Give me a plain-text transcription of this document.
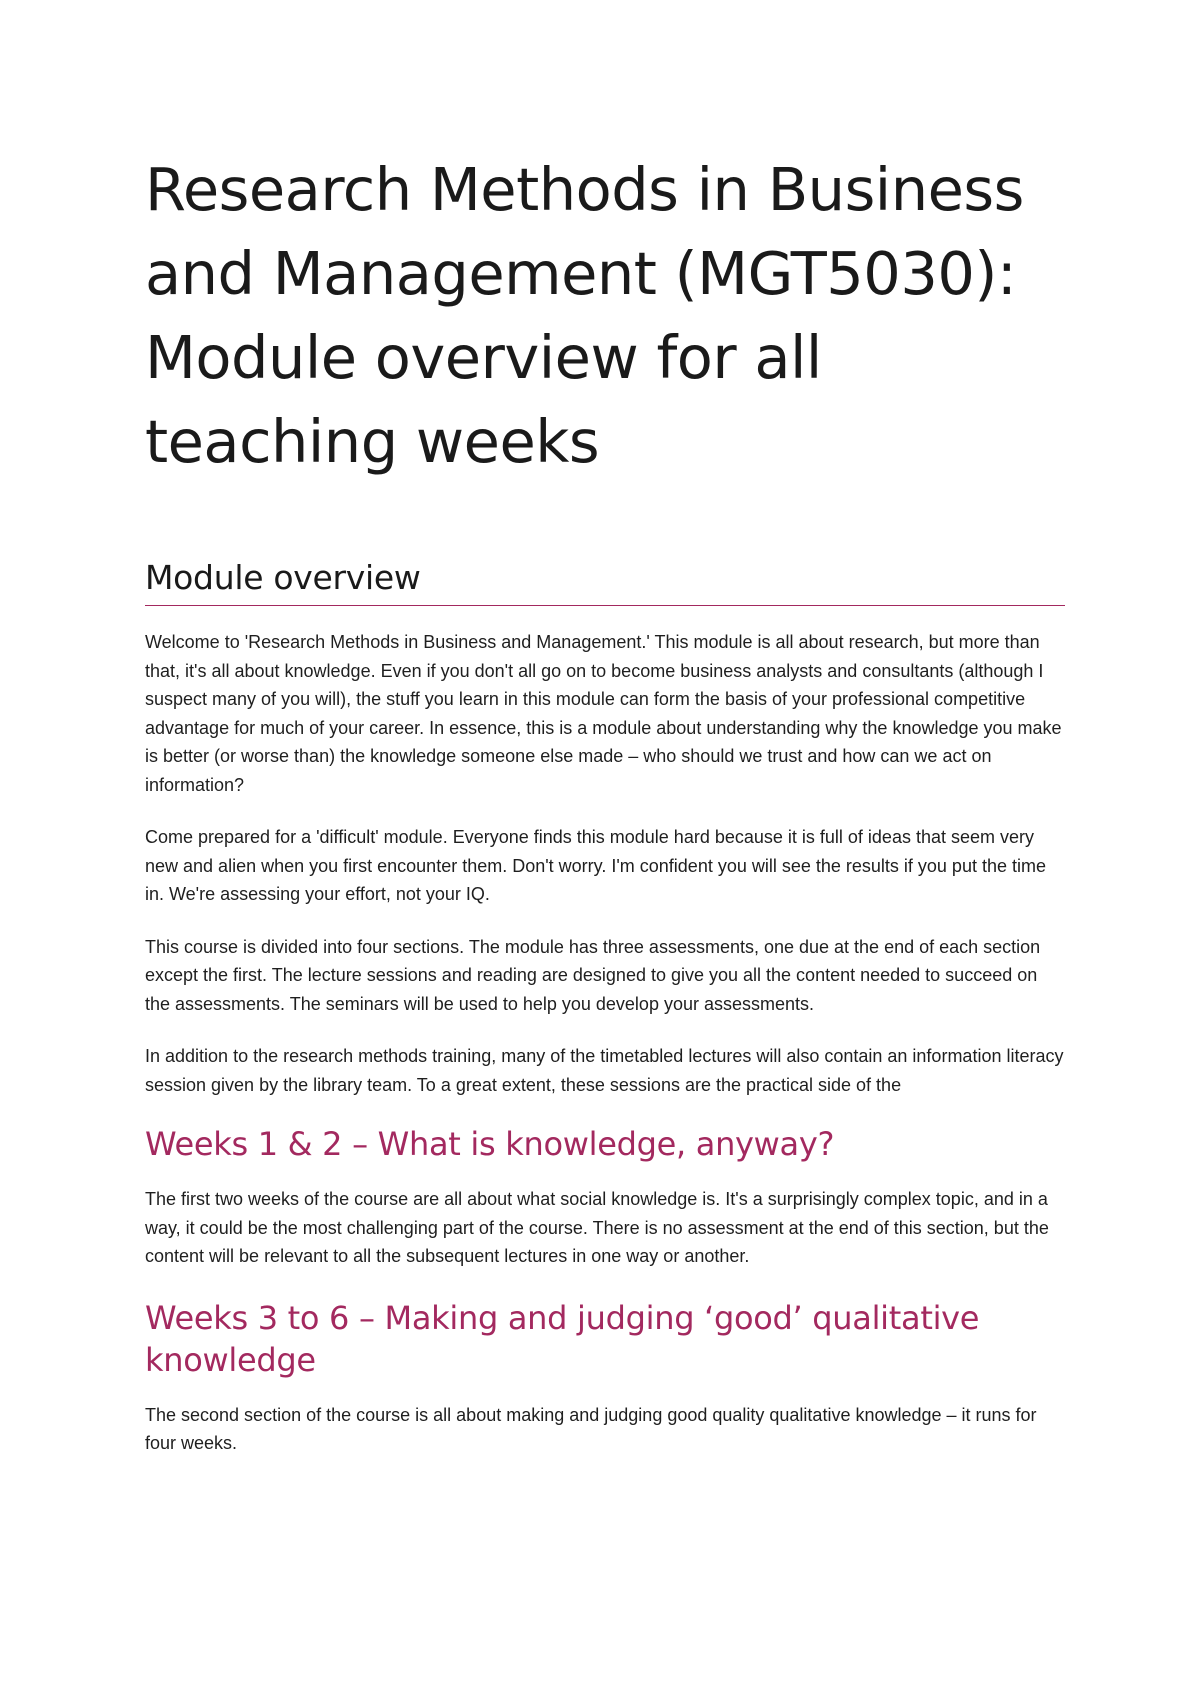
Research Methods in Business and Management (MGT5030): Module overview for all teaching weeks
Module overview

Welcome to 'Research Methods in Business and Management.' This module is all about research, but more than that, it's all about knowledge. Even if you don't all go on to become business analysts and consultants (although I suspect many of you will), the stuff you learn in this module can form the basis of your professional competitive advantage for much of your career. In essence, this is a module about understanding why the knowledge you make is better (or worse than) the knowledge someone else made – who should we trust and how can we act on information?

Come prepared for a 'difficult' module. Everyone finds this module hard because it is full of ideas that seem very new and alien when you first encounter them. Don't worry. I'm confident you will see the results if you put the time in. We're assessing your effort, not your IQ.

This course is divided into four sections. The module has three assessments, one due at the end of each section except the first. The lecture sessions and reading are designed to give you all the content needed to succeed on the assessments. The seminars will be used to help you develop your assessments.

In addition to the research methods training, many of the timetabled lectures will also contain an information literacy session given by the library team. To a great extent, these sessions are the practical side of the

Weeks 1 & 2 – What is knowledge, anyway?

The first two weeks of the course are all about what social knowledge is. It's a surprisingly complex topic, and in a way, it could be the most challenging part of the course. There is no assessment at the end of this section, but the content will be relevant to all the subsequent lectures in one way or another.

Weeks 3 to 6 – Making and judging ‘good’ qualitative knowledge

The second section of the course is all about making and judging good quality qualitative knowledge – it runs for four weeks.
